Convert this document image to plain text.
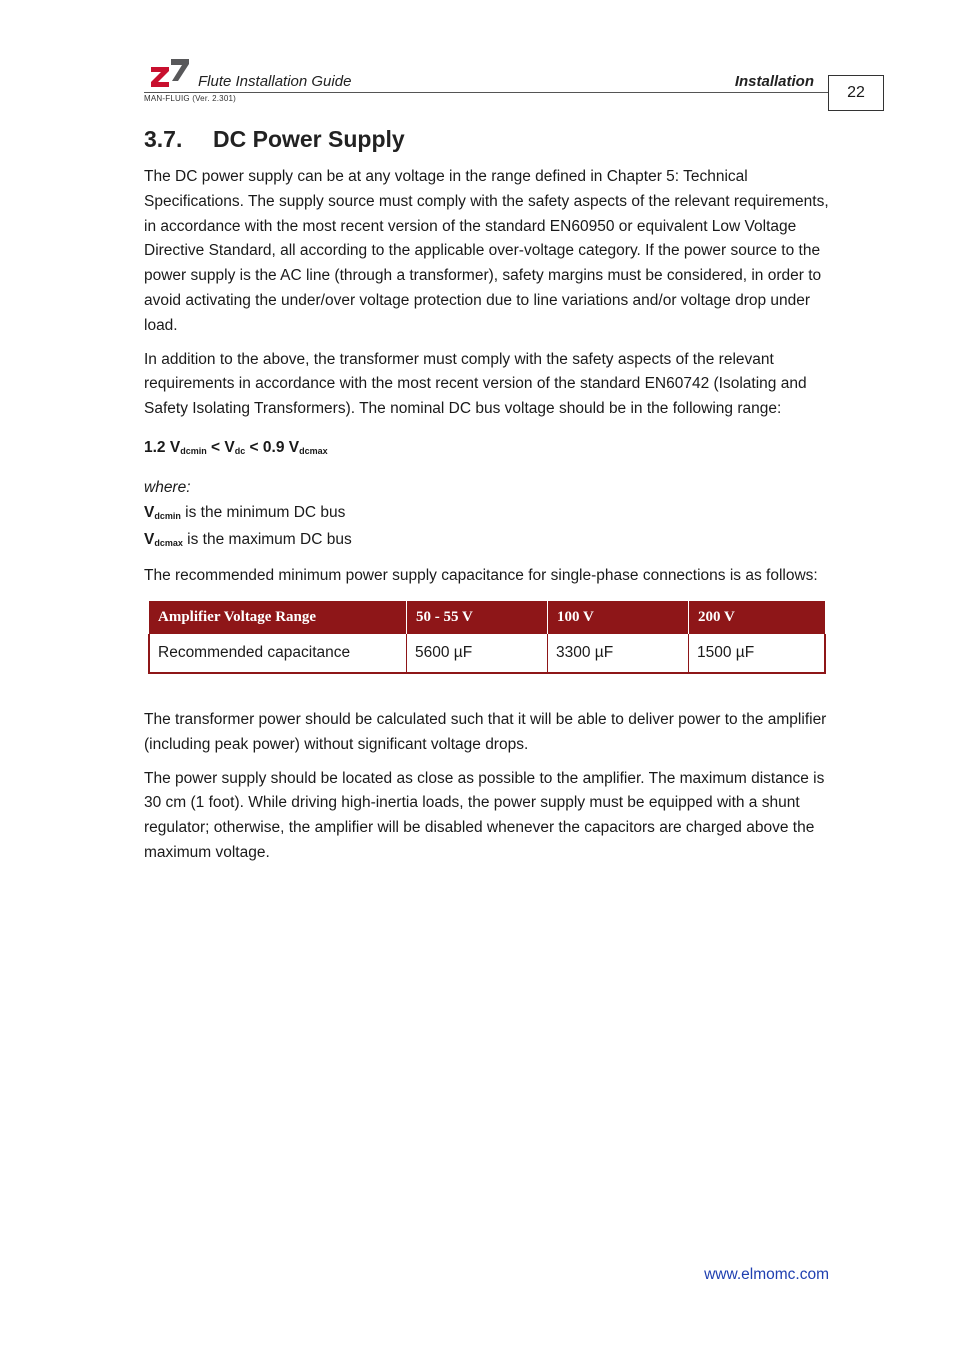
Flute Installation Guide	Installation
MAN-FLUIG (Ver. 2.301)	22
3.7. DC Power Supply

The DC power supply can be at any voltage in the range defined in Chapter 5: Technical Specifications. The supply source must comply with the safety aspects of the relevant requirements, in accordance with the most recent version of the standard EN60950 or equivalent Low Voltage Directive Standard, all according to the applicable over-voltage category. If the power source to the power supply is the AC line (through a transformer), safety margins must be considered, in order to avoid activating the under/over voltage protection due to line variations and/or voltage drop under load.

In addition to the above, the transformer must comply with the safety aspects of the relevant requirements in accordance with the most recent version of the standard EN60742 (Isolating and Safety Isolating Transformers). The nominal DC bus voltage should be in the following range:

1.2 $V_{dcmin} < V_{dc} < 0.9$ $V_{dcmax}$

where:

$V_{dcmin}$ is the minimum DC bus

$V_{dcmax}$ is the maximum DC bus

The recommended minimum power supply capacitance for single-phase connections is as follows:

Amplifier Voltage Range	50 - 55 V	100 V	200 V
Recommended capacitance	5600 µF	3300 µF	1500 µF

The transformer power should be calculated such that it will be able to deliver power to the amplifier (including peak power) without significant voltage drops.

The power supply should be located as close as possible to the amplifier. The maximum distance is 30 cm (1 foot). While driving high-inertia loads, the power supply must be equipped with a shunt regulator; otherwise, the amplifier will be disabled whenever the capacitors are charged above the maximum voltage.

www.elmomc.com
